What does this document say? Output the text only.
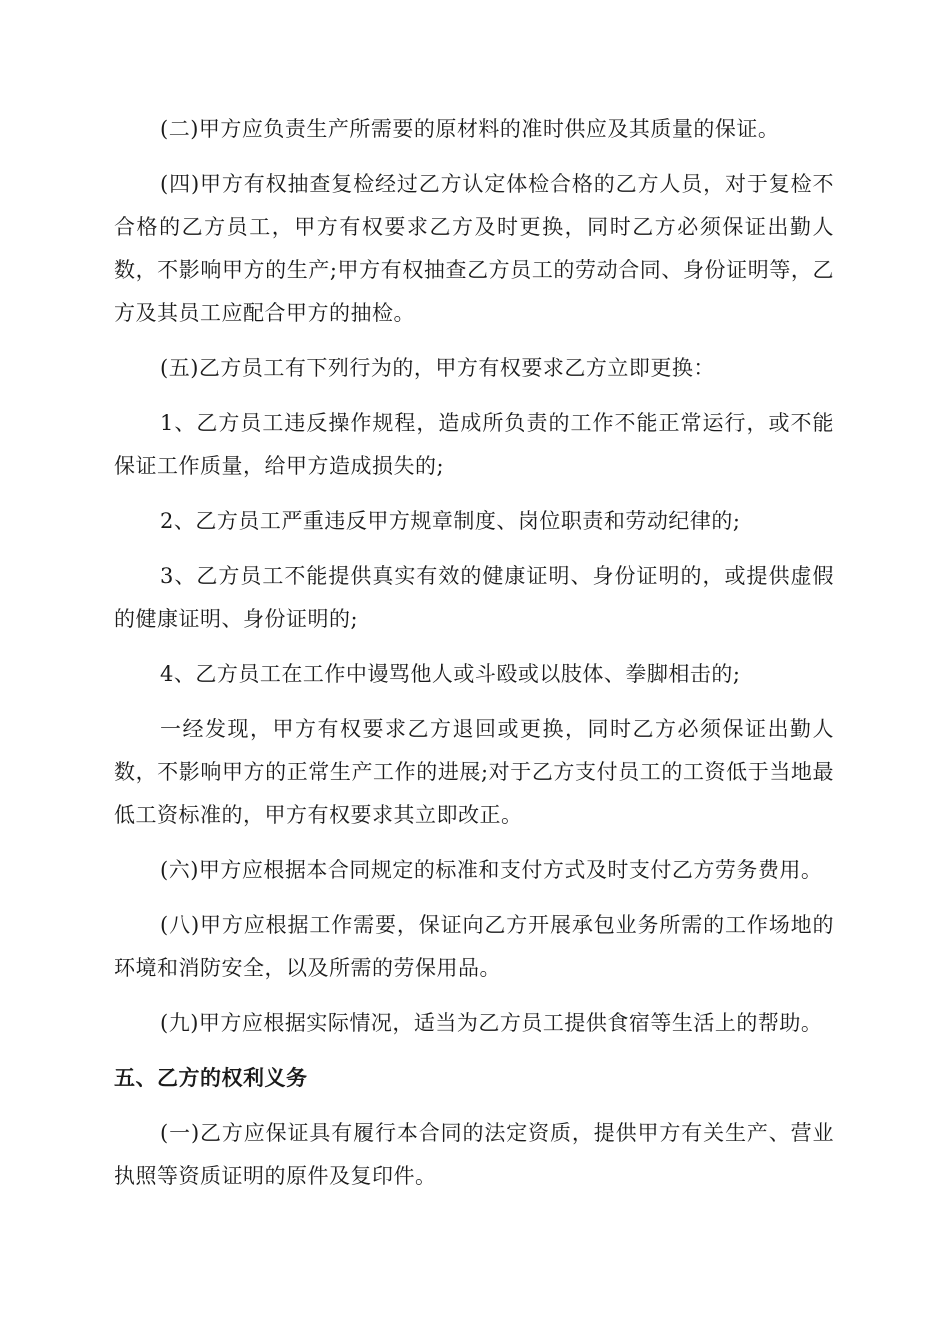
(二)甲方应负责生产所需要的原材料的准时供应及其质量的保证。

(四)甲方有权抽查复检经过乙方认定体检合格的乙方人员，对于复检不合格的乙方员工，甲方有权要求乙方及时更换，同时乙方必须保证出勤人数，不影响甲方的生产;甲方有权抽查乙方员工的劳动合同、身份证明等，乙方及其员工应配合甲方的抽检。

(五)乙方员工有下列行为的，甲方有权要求乙方立即更换：

1、乙方员工违反操作规程，造成所负责的工作不能正常运行，或不能保证工作质量，给甲方造成损失的;

2、乙方员工严重违反甲方规章制度、岗位职责和劳动纪律的;

3、乙方员工不能提供真实有效的健康证明、身份证明的，或提供虚假的健康证明、身份证明的;

4、乙方员工在工作中谩骂他人或斗殴或以肢体、拳脚相击的;

一经发现，甲方有权要求乙方退回或更换，同时乙方必须保证出勤人数，不影响甲方的正常生产工作的进展;对于乙方支付员工的工资低于当地最低工资标准的，甲方有权要求其立即改正。

(六)甲方应根据本合同规定的标准和支付方式及时支付乙方劳务费用。

(八)甲方应根据工作需要，保证向乙方开展承包业务所需的工作场地的环境和消防安全，以及所需的劳保用品。

(九)甲方应根据实际情况，适当为乙方员工提供食宿等生活上的帮助。

五、乙方的权利义务

(一)乙方应保证具有履行本合同的法定资质，提供甲方有关生产、营业执照等资质证明的原件及复印件。
